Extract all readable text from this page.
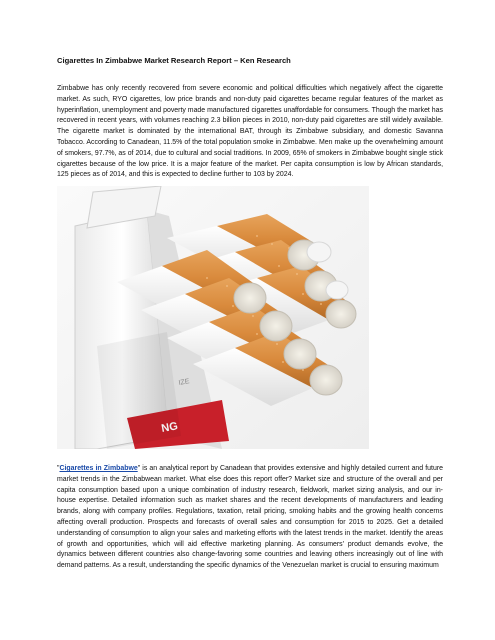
Cigarettes In Zimbabwe Market Research Report – Ken Research

Zimbabwe has only recently recovered from severe economic and political difficulties which negatively affect the cigarette market. As such, RYO cigarettes, low price brands and non-duty paid cigarettes became regular features of the market as hyperinflation, unemployment and poverty made manufactured cigarettes unaffordable for consumers. Though the market has recovered in recent years, with volumes reaching 2.3 billion pieces in 2010, non-duty paid cigarettes are still widely available. The cigarette market is dominated by the international BAT, through its Zimbabwe subsidiary, and domestic Savanna Tobacco. According to Canadean, 11.5% of the total population smoke in Zimbabwe. Men make up the overwhelming amount of smokers, 97.7%, as of 2014, due to cultural and social traditions. In 2009, 65% of smokers in Zimbabwe bought single stick cigarettes because of the low price. It is a major feature of the market. Per capita consumption is low by African standards, 125 pieces as of 2014, and this is expected to decline further to 103 by 2024.

NG
IZE

"Cigarettes in Zimbabwe" is an analytical report by Canadean that provides extensive and highly detailed current and future market trends in the Zimbabwean market. What else does this report offer? Market size and structure of the overall and per capita consumption based upon a unique combination of industry research, fieldwork, market sizing analysis, and our in-house expertise. Detailed information such as market shares and the recent developments of manufacturers and leading brands, along with company profiles. Regulations, taxation, retail pricing, smoking habits and the growing health concerns affecting overall production. Prospects and forecasts of overall sales and consumption for 2015 to 2025. Get a detailed understanding of consumption to align your sales and marketing efforts with the latest trends in the market. Identify the areas of growth and opportunities, which will aid effective marketing planning. As consumers' product demands evolve, the dynamics between different countries also change-favoring some countries and leaving others increasingly out of line with demand patterns. As a result, understanding the specific dynamics of the Venezuelan market is crucial to ensuring maximum
